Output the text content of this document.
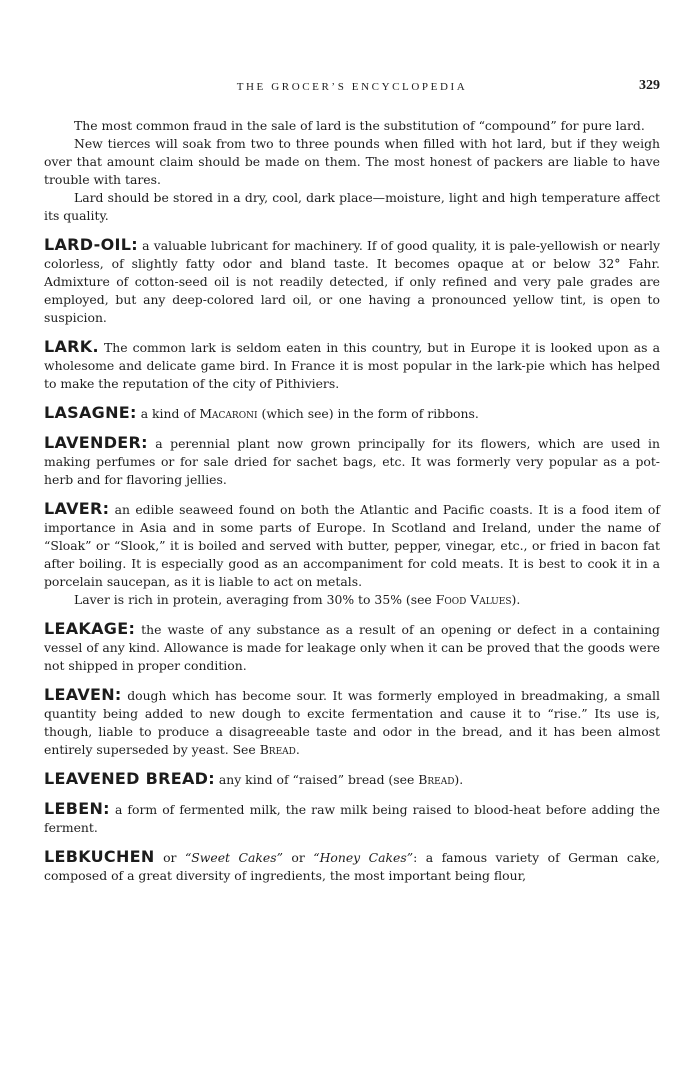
THE GROCER’S ENCYCLOPEDIA	329

The most common fraud in the sale of lard is the substitution of “compound” for pure lard.

New tierces will soak from two to three pounds when filled with hot lard, but if they weigh over that amount claim should be made on them. The most honest of packers are liable to have trouble with tares.

Lard should be stored in a dry, cool, dark place—moisture, light and high temperature affect its quality.

LARD-OIL: a valuable lubricant for machinery. If of good quality, it is pale-yellowish or nearly colorless, of slightly fatty odor and bland taste. It becomes opaque at or below 32° Fahr. Admixture of cotton-seed oil is not readily detected, if only refined and very pale grades are employed, but any deep-colored lard oil, or one having a pronounced yellow tint, is open to suspicion.

LARK. The common lark is seldom eaten in this country, but in Europe it is looked upon as a wholesome and delicate game bird. In France it is most popular in the lark-pie which has helped to make the reputation of the city of Pithiviers.

LASAGNE: a kind of Macaroni (which see) in the form of ribbons.

LAVENDER: a perennial plant now grown principally for its flowers, which are used in making perfumes or for sale dried for sachet bags, etc. It was formerly very popular as a pot-herb and for flavoring jellies.

LAVER: an edible seaweed found on both the Atlantic and Pacific coasts. It is a food item of importance in Asia and in some parts of Europe. In Scotland and Ireland, under the name of “Sloak” or “Slook,” it is boiled and served with butter, pepper, vinegar, etc., or fried in bacon fat after boiling. It is especially good as an accompaniment for cold meats. It is best to cook it in a porcelain saucepan, as it is liable to act on metals.

Laver is rich in protein, averaging from 30% to 35% (see Food Values).

LEAKAGE: the waste of any substance as a result of an opening or defect in a containing vessel of any kind. Allowance is made for leakage only when it can be proved that the goods were not shipped in proper condition.

LEAVEN: dough which has become sour. It was formerly employed in breadmaking, a small quantity being added to new dough to excite fermentation and cause it to “rise.” Its use is, though, liable to produce a disagreeable taste and odor in the bread, and it has been almost entirely superseded by yeast. See Bread.

LEAVENED BREAD: any kind of “raised” bread (see Bread).

LEBEN: a form of fermented milk, the raw milk being raised to blood-heat before adding the ferment.

LEBKUCHEN or “Sweet Cakes” or “Honey Cakes”: a famous variety of German cake, composed of a great diversity of ingredients, the most important being flour,
